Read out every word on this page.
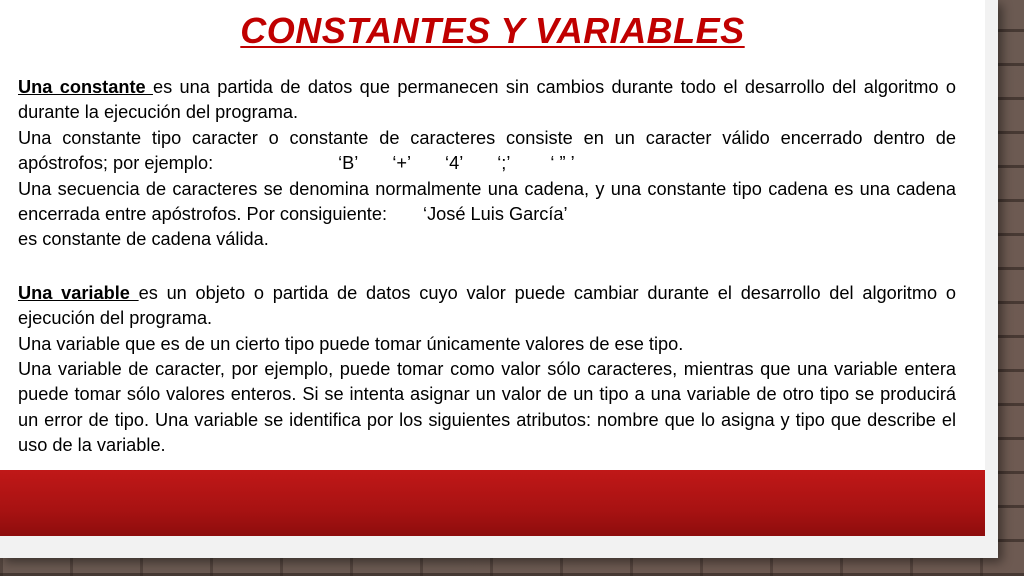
CONSTANTES Y VARIABLES

Una constante es una partida de datos que permanecen sin cambios durante todo el desarrollo del algoritmo o durante la ejecución del programa.

Una constante tipo caracter o constante de caracteres consiste en un caracter válido encerrado dentro de apóstrofos; por ejemplo:	‘B’ ‘+’ ‘4’ ‘;’ ‘ ” ’

Una secuencia de caracteres se denomina normalmente una cadena, y una constante tipo cadena es una cadena encerrada entre apóstrofos. Por consiguiente: ‘José Luis García’

es constante de cadena válida.

Una variable es un objeto o partida de datos cuyo valor puede cambiar durante el desarrollo del algoritmo o ejecución del programa.

Una variable que es de un cierto tipo puede tomar únicamente valores de ese tipo.

Una variable de caracter, por ejemplo, puede tomar como valor sólo caracteres, mientras que una variable entera puede tomar sólo valores enteros. Si se intenta asignar un valor de un tipo a una variable de otro tipo se producirá un error de tipo. Una variable se identifica por los siguientes atributos: nombre que lo asigna y tipo que describe el uso de la variable.
